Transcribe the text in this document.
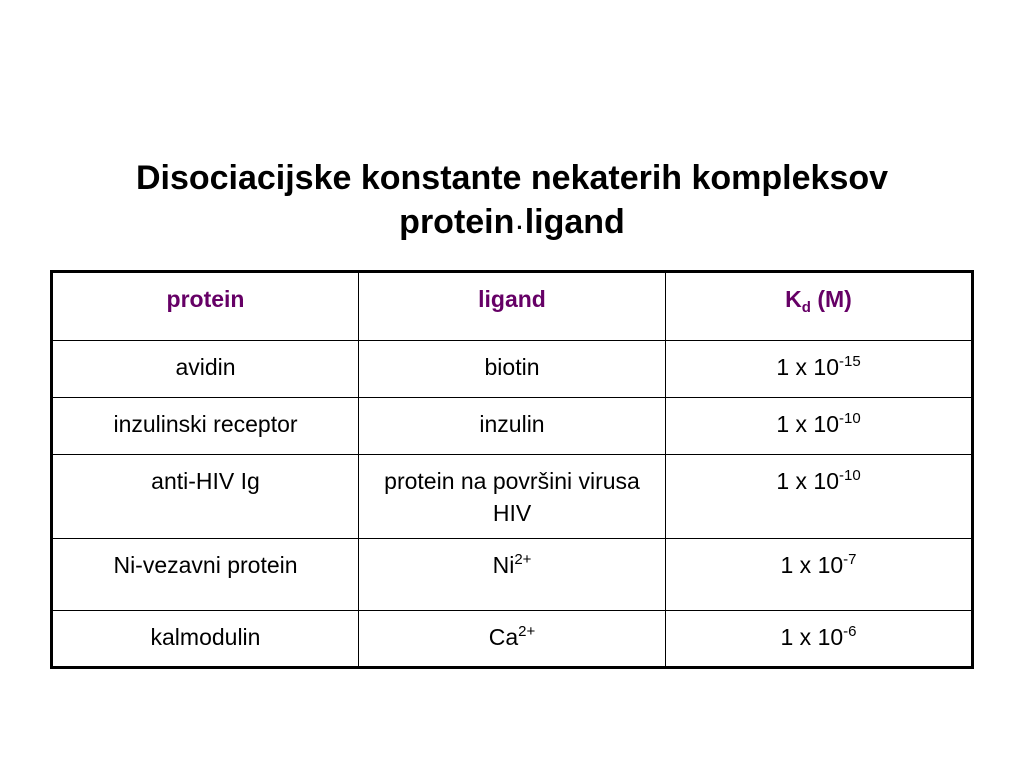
Disociacijske konstante nekaterih kompleksov
protein·ligand
protein	ligand	$K_d$ (M)
avidin	biotin	1 x $10^{-15}$
inzulinski receptor	inzulin	1 x $10^{-10}$
anti-HIV Ig	protein na površini virusa HIV	1 x $10^{-10}$
Ni-vezavni protein	$Ni^{2+}$	1 x $10^{-7}$
kalmodulin	$Ca^{2+}$	1 x $10^{-6}$
